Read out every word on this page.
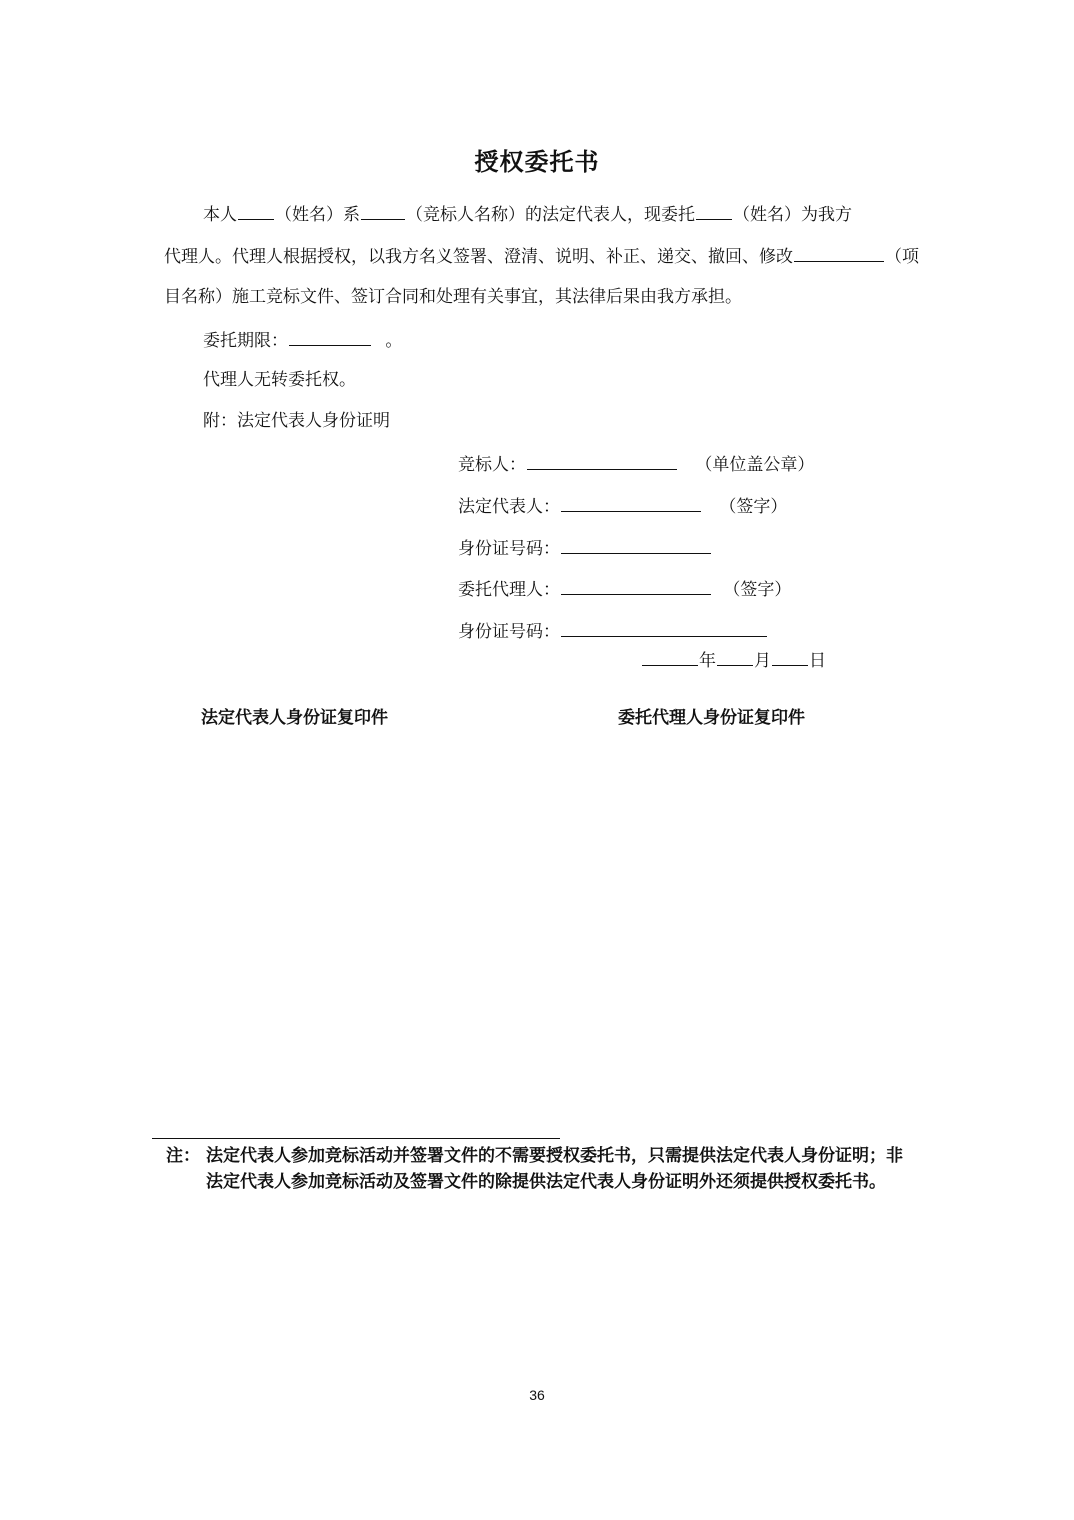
授权委托书
本人 （姓名）系	（竞标人名称）的法定代表人，现委托 （姓名）为我方
代理人。代理人根据授权，以我方名义签署、澄清、说明、补正、递交、撤回、修改	（项
目名称）施工竞标文件、签订合同和处理有关事宜，其法律后果由我方承担。
委托期限：	。
代理人无转委托权。
附：法定代表人身份证明
竞标人：	（单位盖公章）
法定代表人：	（签字）
身份证号码：
委托代理人：	（签字）
身份证号码：
年 月 日
法定代表人身份证复印件	委托代理人身份证复印件
注： 法定代表人参加竞标活动并签署文件的不需要授权委托书，只需提供法定代表人身份证明；非法定代表人参加竞标活动及签署文件的除提供法定代表人身份证明外还须提供授权委托书。
36
